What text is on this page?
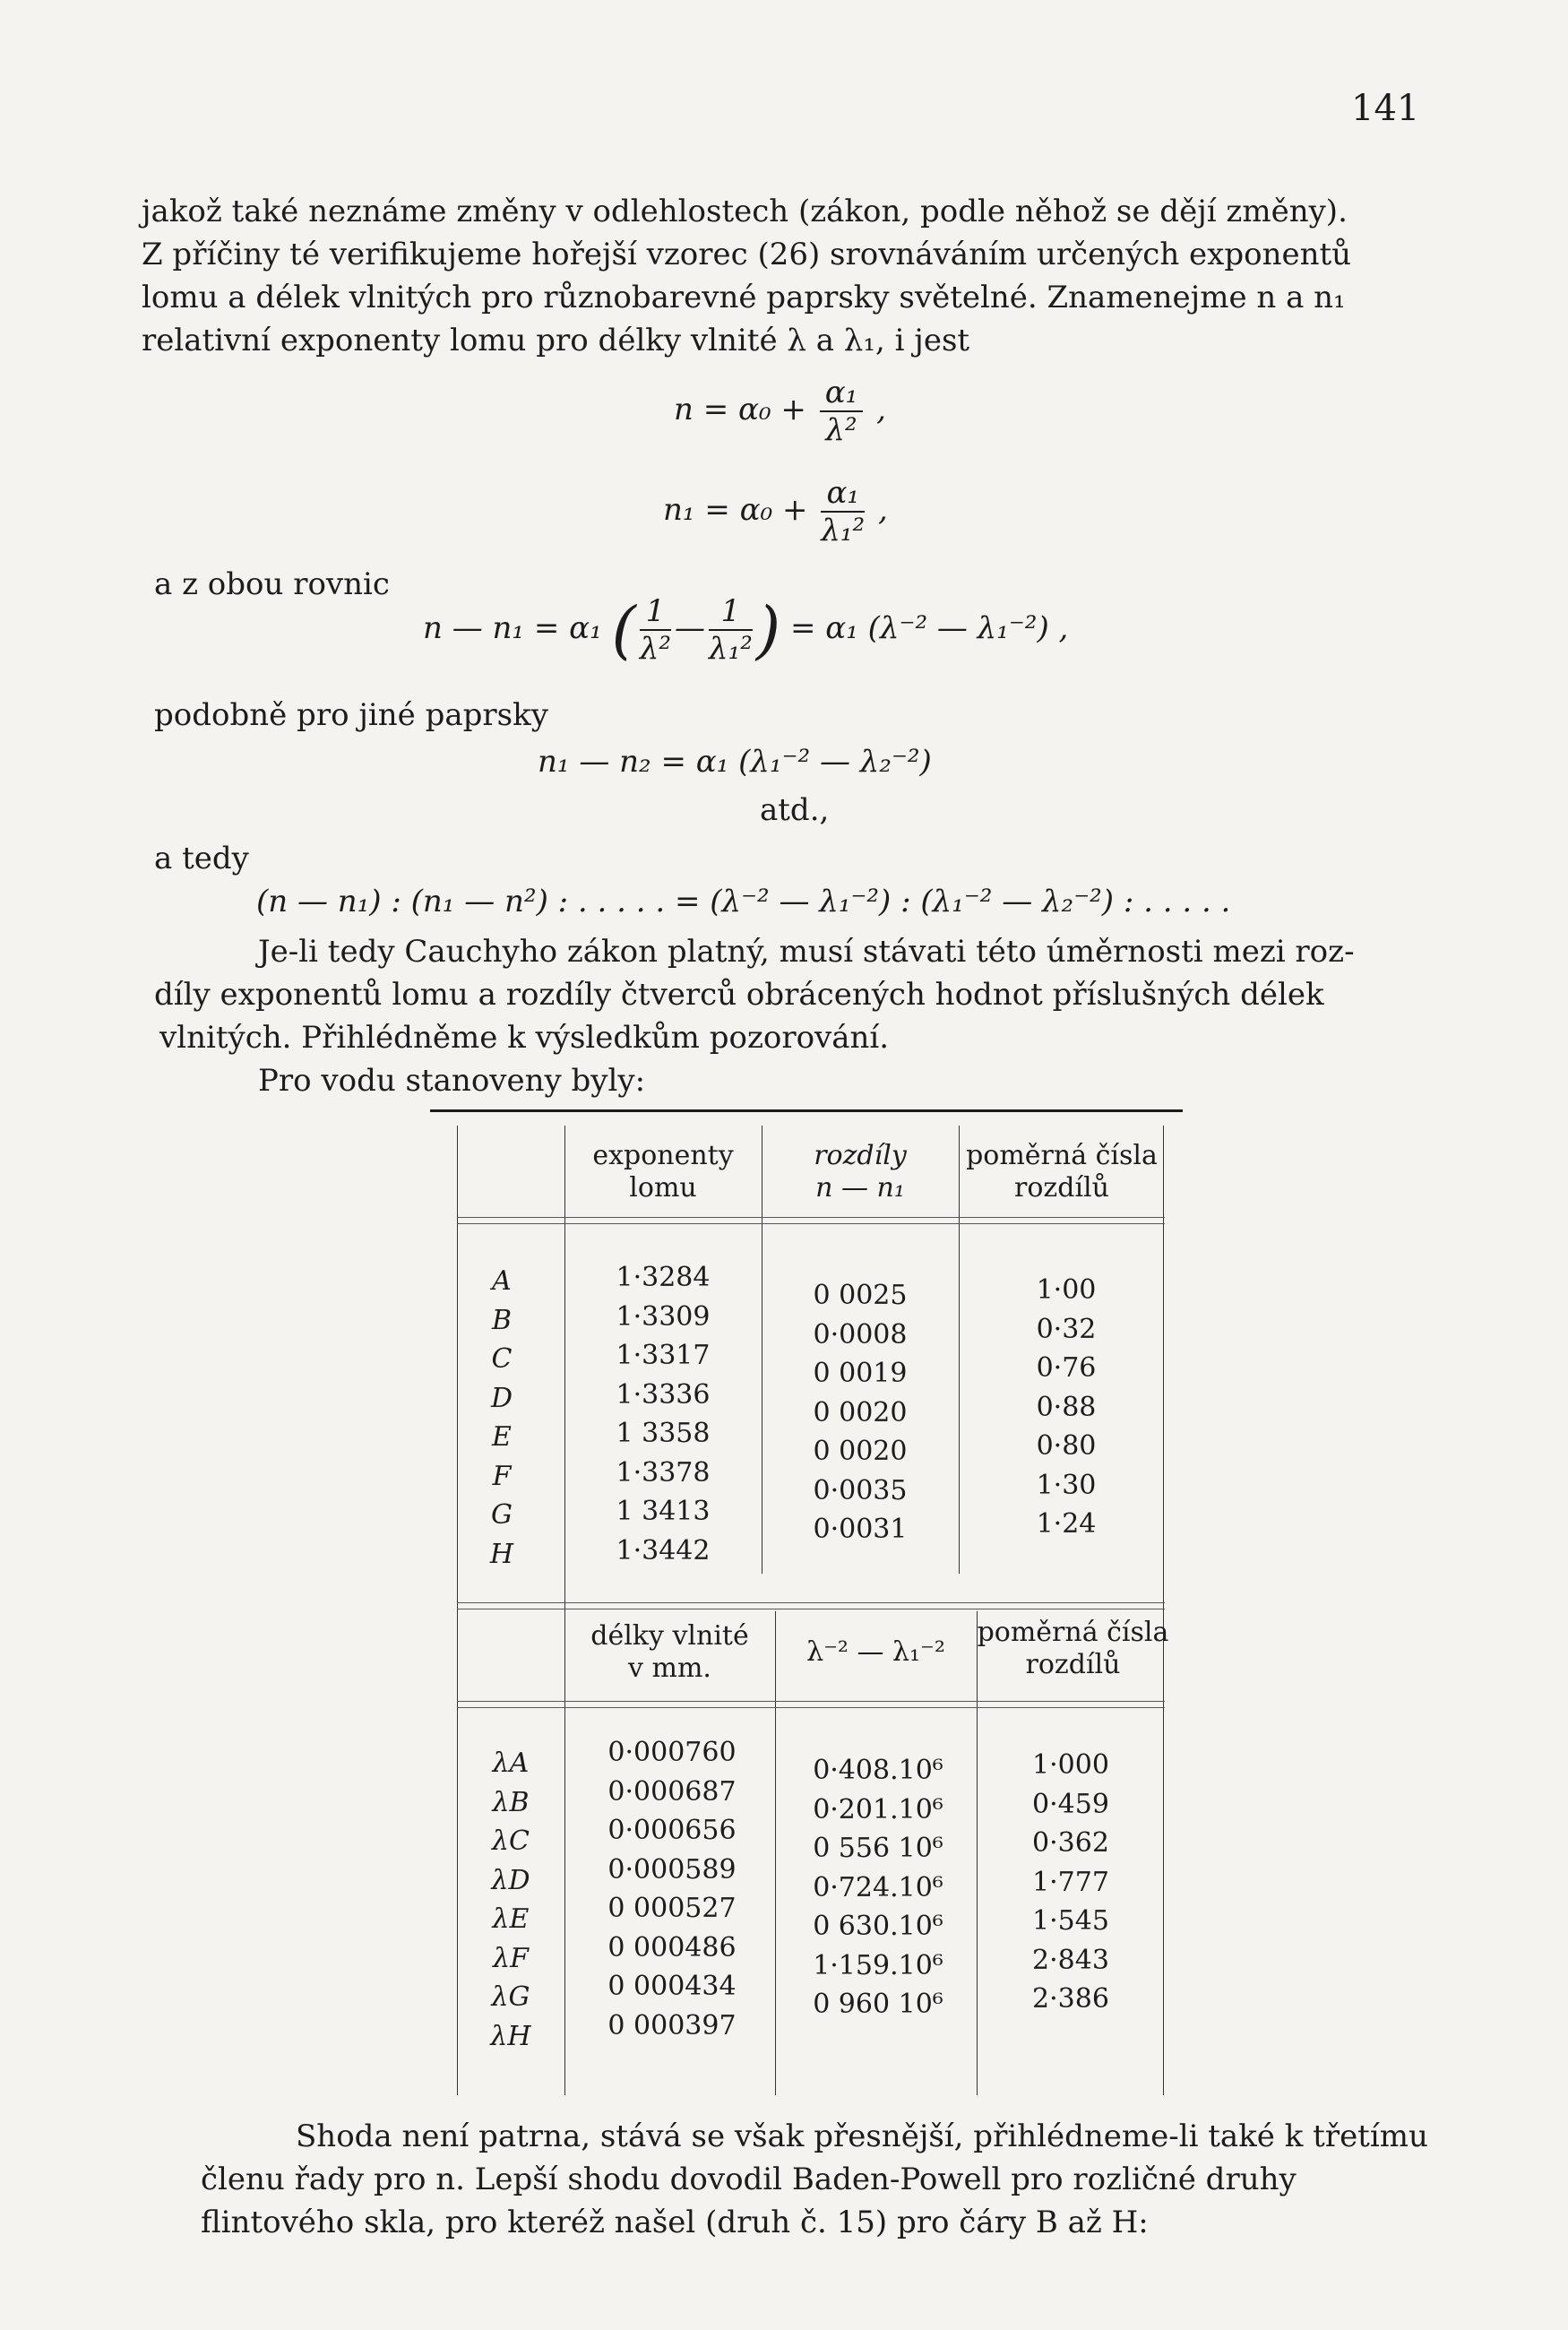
141

jakož také neznáme změny v odlehlostech (zákon, podle něhož se dějí změny).
Z příčiny té verifikujeme hořejší vzorec (26) srovnáváním určených exponentů
lomu a délek vlnitých pro různobarevné paprsky světelné. Znamenejme n a n₁
relativní exponenty lomu pro délky vlnité λ a λ₁, i jest

$n = \alpha_0 + \frac{\text{α₁}}{\text{λ²}}$ ,
$n_1 = \alpha_0 + \frac{\text{α₁}}{\text{λ₁²}}$ ,
a z obou rovnic
n — n₁ = α₁ ( $\frac{1}{\text{λ²}}$ — $\frac{1}{\text{λ₁²}}$ ) = α₁ (λ⁻² — λ₁⁻²) ,
podobně pro jiné paprsky
n₁ — n₂ = α₁ (λ₁⁻² — λ₂⁻²)
atd.,
a tedy
(n — n₁) : (n₁ — n²) : . . . . . = (λ⁻² — λ₁⁻²) : (λ₁⁻² — λ₂⁻²) : . . . . .

Je-li tedy Cauchyho zákon platný, musí stávati této úměrnosti mezi roz-
díly exponentů lomu a rozdíly čtverců obrácených hodnot příslušných délek
vlnitých. Přihlédněme k výsledkům pozorování.
Pro vodu stanoveny byly:

exponenty
lomu
rozdíly
n — n₁
poměrná čísla
rozdílů
A
B
C
D
E
F
G
H
1·3284
1·3309
1·3317
1·3336
1 3358
1·3378
1 3413
1·3442
0 0025
0·0008
0 0019
0 0020
0 0020
0·0035
0·0031
1·00
0·32
0·76
0·88
0·80
1·30
1·24
délky vlnité
v mm.
λ⁻² — λ₁⁻²
poměrná čísla
rozdílů
λA
λB
λC
λD
λE
λF
λG
λH
0·000760
0·000687
0·000656
0·000589
0 000527
0 000486
0 000434
0 000397
0·408.10⁶
0·201.10⁶
0 556 10⁶
0·724.10⁶
0 630.10⁶
1·159.10⁶
0 960 10⁶
1·000
0·459
0·362
1·777
1·545
2·843
2·386

Shoda není patrna, stává se však přesnější, přihlédneme-li také k třetímu
členu řady pro n. Lepší shodu dovodil Baden-Powell pro rozličné druhy
flintového skla, pro kteréž našel (druh č. 15) pro čáry B až H:
